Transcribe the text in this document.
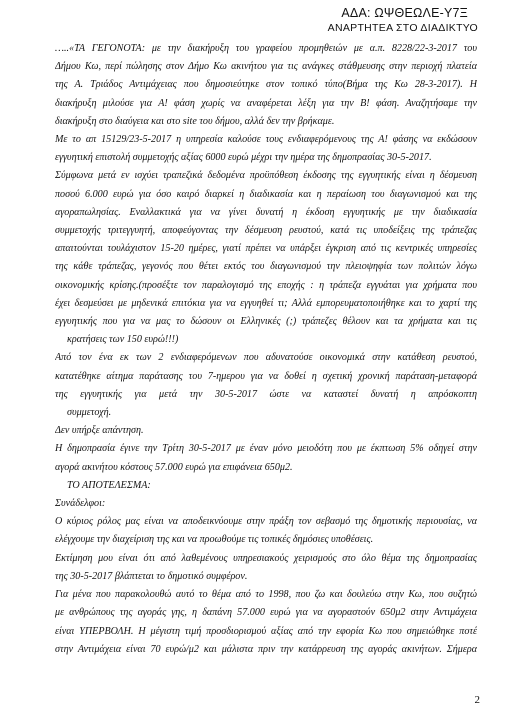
ΑΔΑ: ΩΨΘΕΩΛΕ-Υ7Ξ
ΑΝΑΡΤΗΤΕΑ ΣΤΟ ΔΙΑΔΙΚΤΥΟ

…..«ΤΑ ΓΕΓΟΝΟΤΑ: με την διακήρυξη του γραφείου προμηθειών με α.π. 8228/22-3-2017 του

Δήμου Κω, περί πώλησης στον Δήμο Κω ακινήτου για τις ανάγκες στάθμευσης στην περιοχή πλατεία

της Α. Τριάδος Αντιμάχειας που δημοσιεύτηκε στον τοπικό τύπο(Βήμα της Κω 28-3-2017). Η

διακήρυξη μιλούσε για Α! φάση χωρίς να αναφέρεται λέξη για την Β! φάση. Αναζητήσαμε την

διακήρυξη στο διαύγεια και στο site του δήμου, αλλά δεν την βρήκαμε.

Με το απ 15129/23-5-2017 η υπηρεσία καλούσε τους ενδιαφερόμενους της Α! φάσης να εκδώσουν

εγγυητική επιστολή συμμετοχής αξίας 6000 ευρώ μέχρι την ημέρα της δημοπρασίας 30-5-2017.

Σύμφωνα μετά εν ισχύει τραπεζικά δεδομένα προϋπόθεση έκδοσης της εγγυητικής είναι η δέσμευση

ποσού 6.000 ευρώ για όσο καιρό διαρκεί η διαδικασία και η περαίωση του διαγωνισμού και της

αγοραπωλησίας. Εναλλακτικά για να γίνει δυνατή η έκδοση εγγυητικής με την διαδικασία

συμμετοχής τριτεγγυητή, αποφεύγοντας την δέσμευση ρευστού, κατά τις υποδείξεις της τράπεζας

απαιτούνται τουλάχιστον 15-20 ημέρες, γιατί πρέπει να υπάρξει έγκριση από τις κεντρικές υπηρεσίες

της κάθε τράπεζας, γεγονός που θέτει εκτός του διαγωνισμού την πλειοψηφία των πολιτών λόγω

οικονομικής κρίσης.(προσέξτε τον παραλογισμό της εποχής : η τράπεζα εγγυάται για χρήματα που

έχει δεσμεύσει με μηδενικά επιτόκια για να εγγυηθεί τι; Αλλά εμπορευματοποιήθηκε και το χαρτί της

εγγυητικής που για να μας το δώσουν οι Ελληνικές (;) τράπεζες θέλουν και τα χρήματα και τις

κρατήσεις των 150 ευρώ!!!)

Από τον ένα εκ των 2 ενδιαφερόμενων που αδυνατούσε οικονομικά στην κατάθεση ρευστού,

κατατέθηκε αίτημα παράτασης του 7-ημερου για να δοθεί η σχετική χρονική παράταση-μεταφορά

της εγγυητικής για μετά την 30-5-2017 ώστε να καταστεί δυνατή η απρόσκοπτη

συμμετοχή.

Δεν υπήρξε απάντηση.

Η δημοπρασία έγινε την Τρίτη 30-5-2017 με έναν μόνο μειοδότη που με έκπτωση 5% οδηγεί στην

αγορά ακινήτου κόστους 57.000 ευρώ για επιφάνεια 650μ2.

ΤΟ ΑΠΟΤΕΛΕΣΜΑ:

Συνάδελφοι:

Ο κύριος ρόλος μας είναι να αποδεικνύουμε στην πράξη τον σεβασμό της δημοτικής περιουσίας, να

ελέγχουμε την διαχείριση της και να προωθούμε τις τοπικές δημόσιες υποθέσεις.

Εκτίμηση μου είναι ότι από λαθεμένους υπηρεσιακούς χειρισμούς στο όλο θέμα της δημοπρασίας

της 30-5-2017 βλάπτεται το δημοτικό συμφέρον.

Για μένα που παρακολουθώ αυτό το θέμα από το 1998, που ζω και δουλεύω στην Κω, που συζητώ

με ανθρώπους της αγοράς γης, η δαπάνη 57.000 ευρώ για να αγοραστούν 650μ2 στην Αντιμάχεια

είναι ΥΠΕΡΒΟΛΗ. Η μέγιστη τιμή προσδιορισμού αξίας από την εφορία Κω που σημειώθηκε ποτέ

στην Αντιμάχεια είναι 70 ευρώ/μ2 και μάλιστα πριν την κατάρρευση της αγοράς ακινήτων. Σήμερα

2
